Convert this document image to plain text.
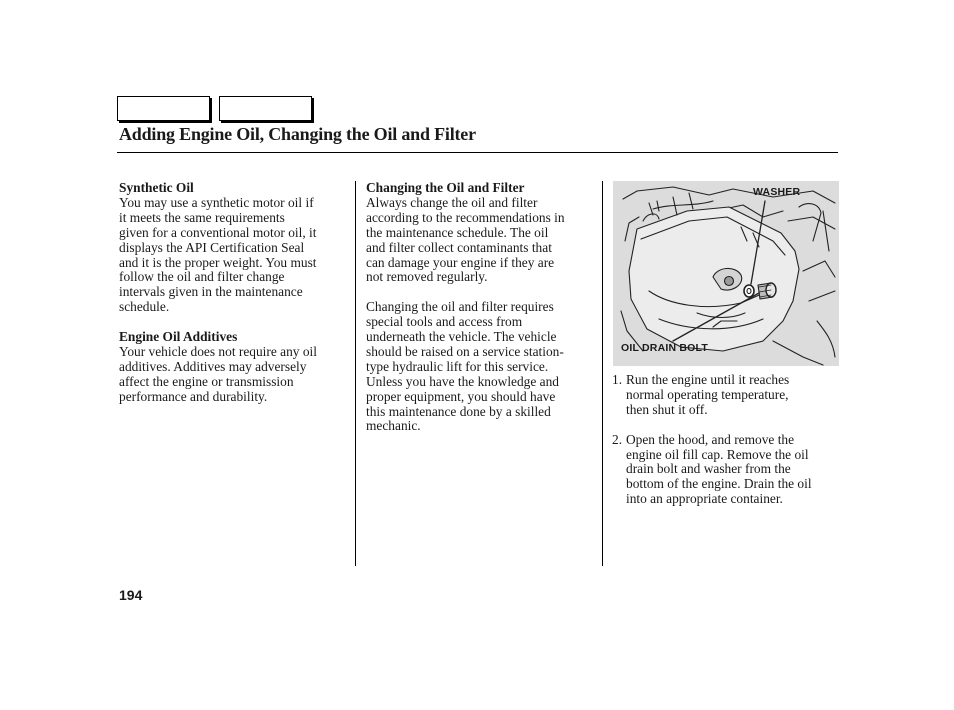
Adding Engine Oil, Changing the Oil and Filter
Synthetic Oil
You may use a synthetic motor oil if
it meets the same requirements
given for a conventional motor oil, it
displays the API Certification Seal
and it is the proper weight. You must
follow the oil and filter change
intervals given in the maintenance
schedule.
Engine Oil Additives
Your vehicle does not require any oil
additives. Additives may adversely
affect the engine or transmission
performance and durability.
Changing the Oil and Filter
Always change the oil and filter
according to the recommendations in
the maintenance schedule. The oil
and filter collect contaminants that
can damage your engine if they are
not removed regularly.
Changing the oil and filter requires
special tools and access from
underneath the vehicle. The vehicle
should be raised on a service station-
type hydraulic lift for this service.
Unless you have the knowledge and
proper equipment, you should have
this maintenance done by a skilled
mechanic.
WASHER
OIL DRAIN BOLT
1. Run the engine until it reaches
normal operating temperature,
then shut it off.
2. Open the hood, and remove the
engine oil fill cap. Remove the oil
drain bolt and washer from the
bottom of the engine. Drain the oil
into an appropriate container.
194
